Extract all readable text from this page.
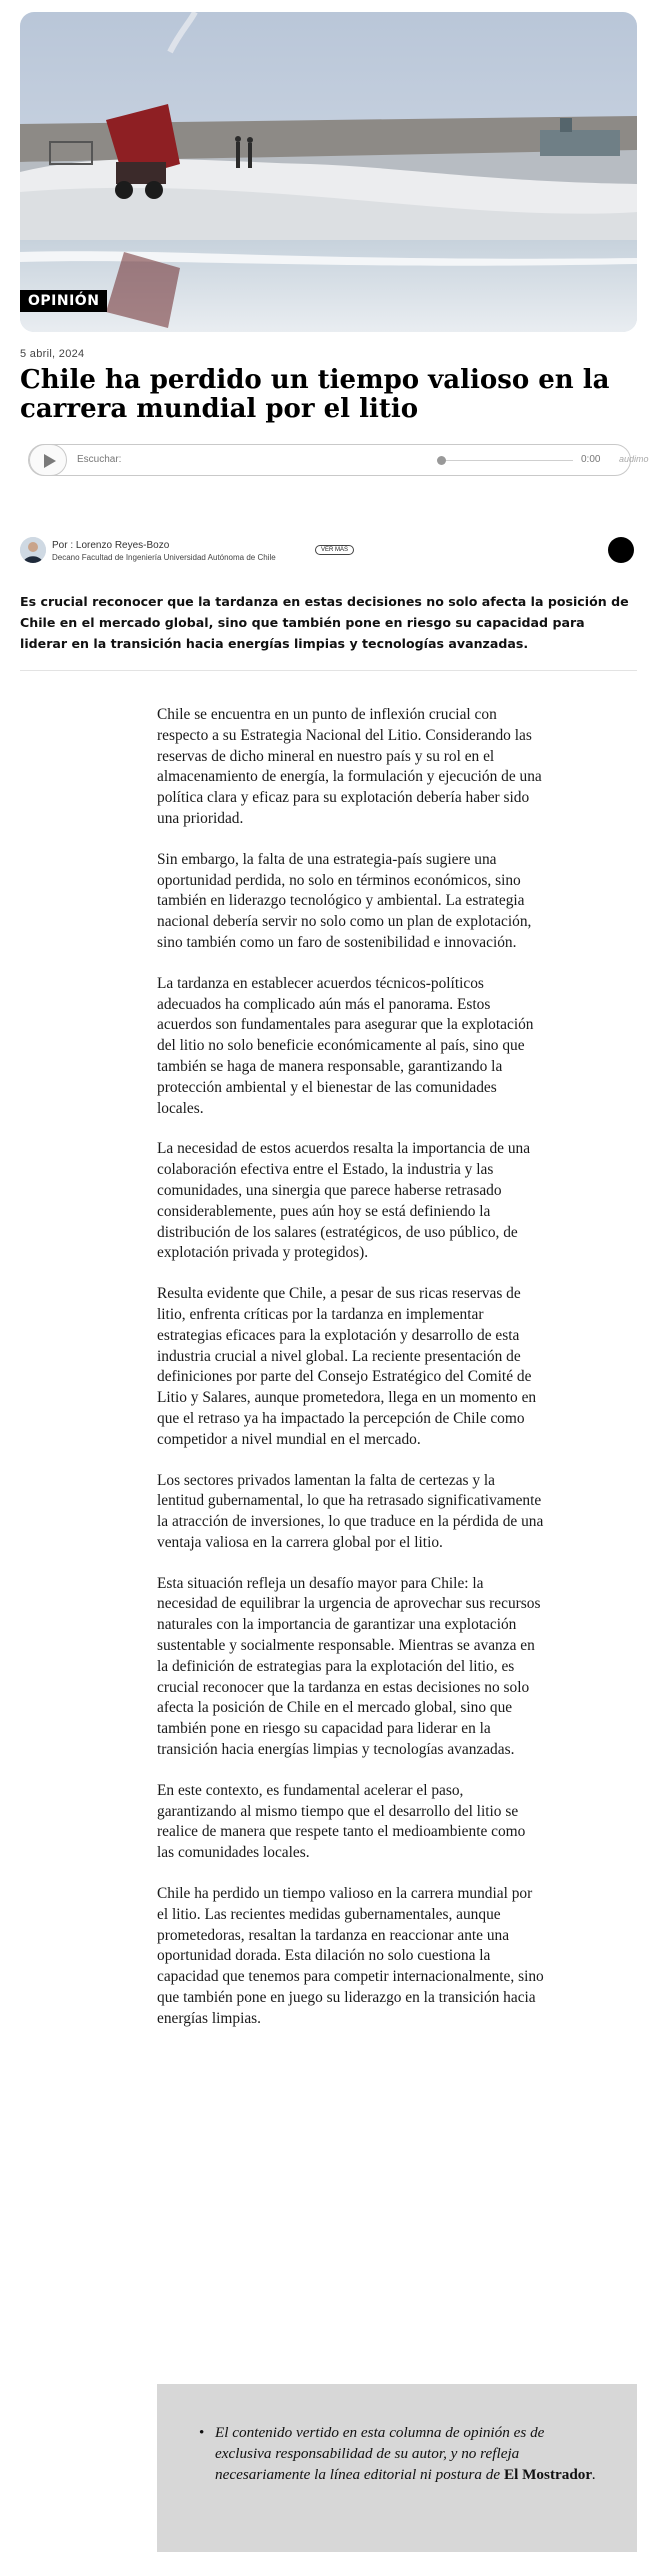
OPINIÓN
5 abril, 2024
Chile ha perdido un tiempo valioso en la carrera mundial por el litio
Escuchar:	0:00 audimo
Por : Lorenzo Reyes-Bozo
Decano Facultad de Ingeniería Universidad Autónoma de Chile
VER MÁS

Es crucial reconocer que la tardanza en estas decisiones no solo afecta la posición de Chile en el mercado global, sino que también pone en riesgo su capacidad para liderar en la transición hacia energías limpias y tecnologías avanzadas.

Chile se encuentra en un punto de inflexión crucial con respecto a su Estrategia Nacional del Litio. Considerando las reservas de dicho mineral en nuestro país y su rol en el almacenamiento de energía, la formulación y ejecución de una política clara y eficaz para su explotación debería haber sido una prioridad.

Sin embargo, la falta de una estrategia-país sugiere una oportunidad perdida, no solo en términos económicos, sino también en liderazgo tecnológico y ambiental. La estrategia nacional debería servir no solo como un plan de explotación, sino también como un faro de sostenibilidad e innovación.

La tardanza en establecer acuerdos técnicos-políticos adecuados ha complicado aún más el panorama. Estos acuerdos son fundamentales para asegurar que la explotación del litio no solo beneficie económicamente al país, sino que también se haga de manera responsable, garantizando la protección ambiental y el bienestar de las comunidades locales.

La necesidad de estos acuerdos resalta la importancia de una colaboración efectiva entre el Estado, la industria y las comunidades, una sinergia que parece haberse retrasado considerablemente, pues aún hoy se está definiendo la distribución de los salares (estratégicos, de uso público, de explotación privada y protegidos).

Resulta evidente que Chile, a pesar de sus ricas reservas de litio, enfrenta críticas por la tardanza en implementar estrategias eficaces para la explotación y desarrollo de esta industria crucial a nivel global. La reciente presentación de definiciones por parte del Consejo Estratégico del Comité de Litio y Salares, aunque prometedora, llega en un momento en que el retraso ya ha impactado la percepción de Chile como competidor a nivel mundial en el mercado.

Los sectores privados lamentan la falta de certezas y la lentitud gubernamental, lo que ha retrasado significativamente la atracción de inversiones, lo que traduce en la pérdida de una ventaja valiosa en la carrera global por el litio.

Esta situación refleja un desafío mayor para Chile: la necesidad de equilibrar la urgencia de aprovechar sus recursos naturales con la importancia de garantizar una explotación sustentable y socialmente responsable. Mientras se avanza en la definición de estrategias para la explotación del litio, es crucial reconocer que la tardanza en estas decisiones no solo afecta la posición de Chile en el mercado global, sino que también pone en riesgo su capacidad para liderar en la transición hacia energías limpias y tecnologías avanzadas.

En este contexto, es fundamental acelerar el paso, garantizando al mismo tiempo que el desarrollo del litio se realice de manera que respete tanto el medioambiente como las comunidades locales.

Chile ha perdido un tiempo valioso en la carrera mundial por el litio. Las recientes medidas gubernamentales, aunque prometedoras, resaltan la tardanza en reaccionar ante una oportunidad dorada. Esta dilación no solo cuestiona la capacidad que tenemos para competir internacionalmente, sino que también pone en juego su liderazgo en la transición hacia energías limpias.

• El contenido vertido en esta columna de opinión es de exclusiva responsabilidad de su autor, y no refleja necesariamente la línea editorial ni postura de El Mostrador.
